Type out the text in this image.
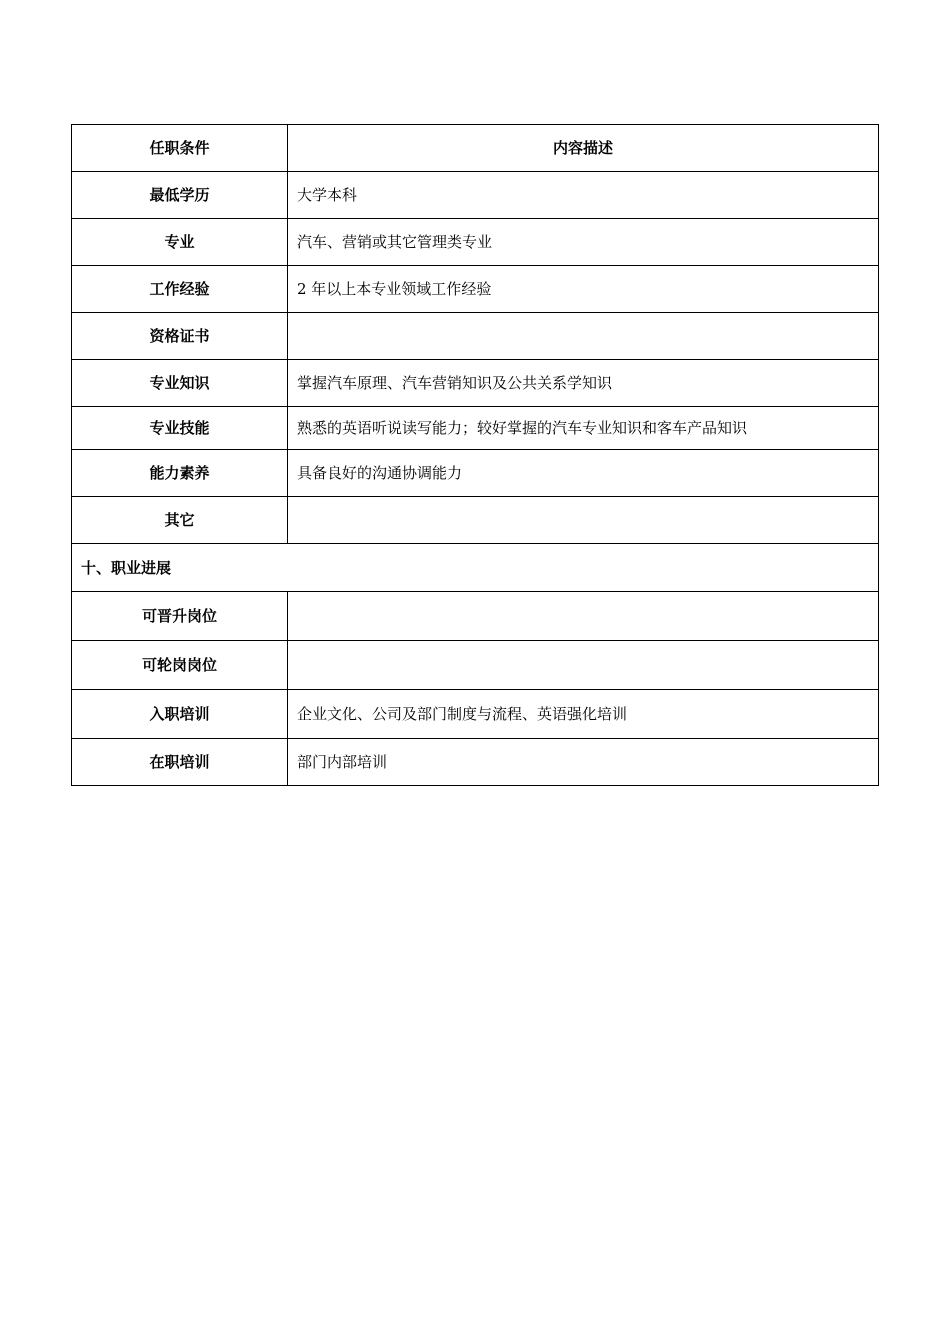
任职条件	内容描述
最低学历	大学本科
专业	汽车、营销或其它管理类专业
工作经验	2 年以上本专业领域工作经验
资格证书	
专业知识	掌握汽车原理、汽车营销知识及公共关系学知识
专业技能	熟悉的英语听说读写能力；较好掌握的汽车专业知识和客车产品知识
能力素养	具备良好的沟通协调能力
其它	
十、职业进展	
可晋升岗位	
可轮岗岗位	
入职培训	企业文化、公司及部门制度与流程、英语强化培训
在职培训	部门内部培训
